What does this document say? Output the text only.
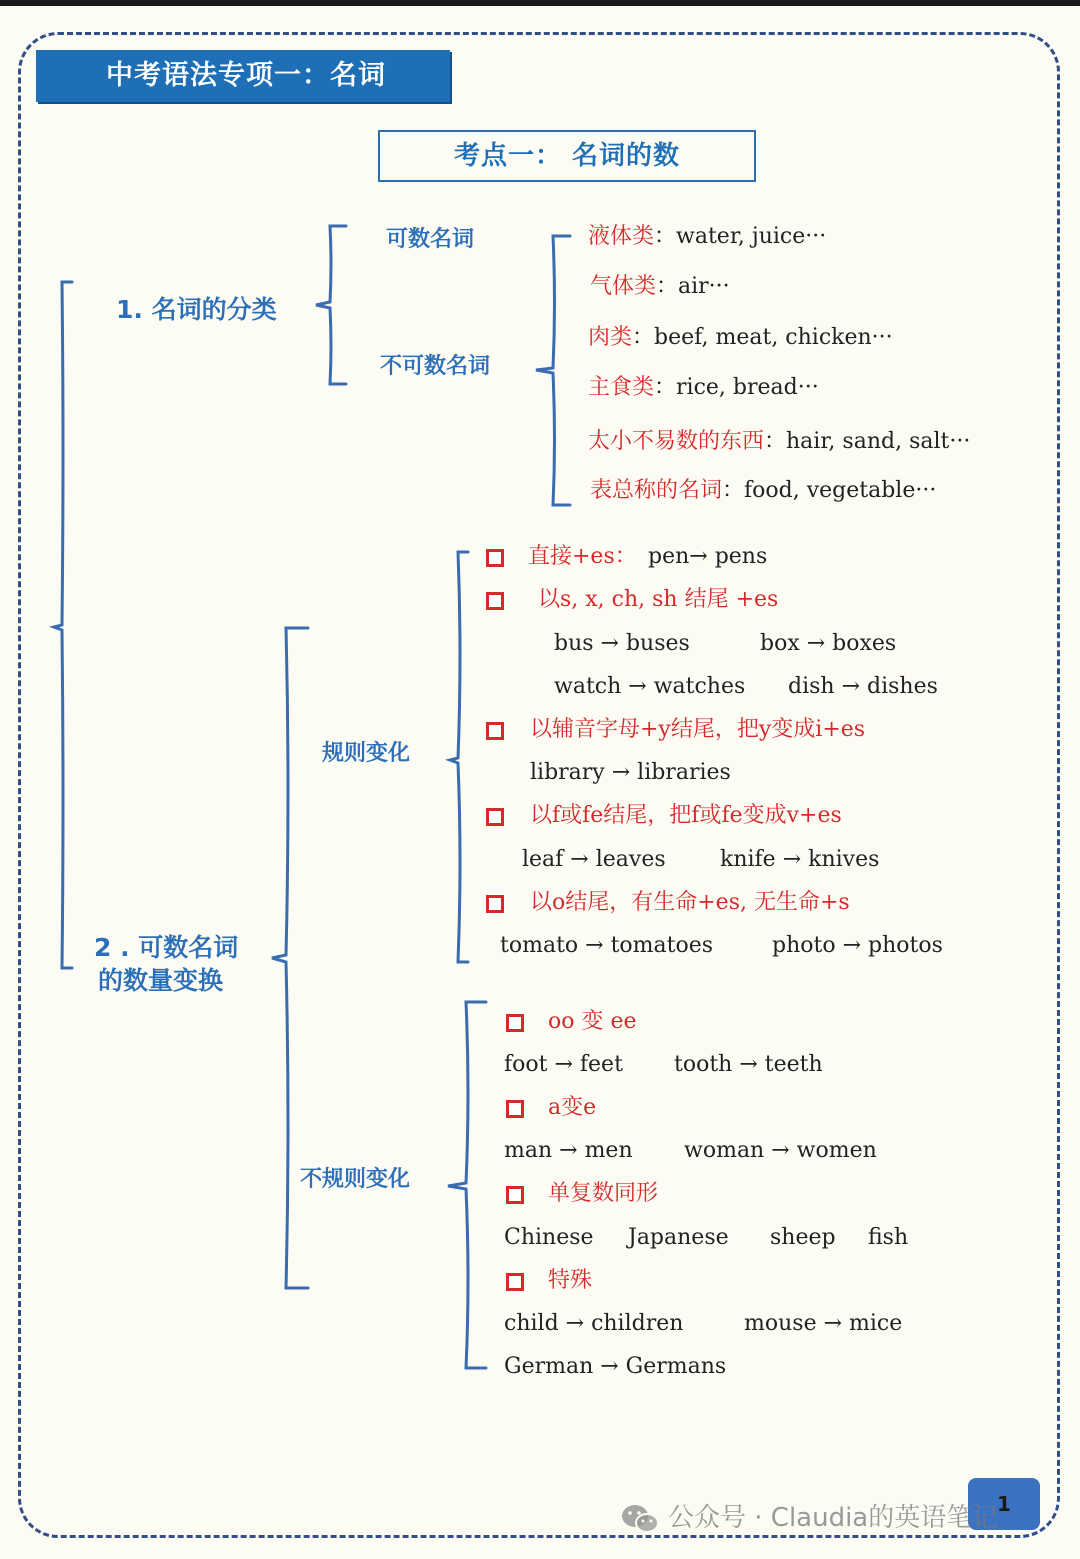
中考语法专项一：名词
考点一： 名词的数
1. 名词的分类
可数名词
不可数名词
液体类：water, juice···
气体类：air···
肉类：beef, meat, chicken···
主食类：rice, bread···
太小不易数的东西：hair, sand, salt···
表总称的名词：food, vegetable···
2 . 可数名词
的数量变换
规则变化
不规则变化
直接+es： pen→ pens
以s, x, ch, sh 结尾 +es
bus → buses	box → boxes
watch → watches dish → dishes
以辅音字母+y结尾，把y变成i+es
library → libraries
以f或fe结尾，把f或fe变成v+es
leaf → leaves knife → knives
以o结尾，有生命+es, 无生命+s
tomato → tomatoes	photo → photos
oo 变 ee
foot → feet tooth → teeth
a变e
man → men woman → women
单复数同形
Chinese Japanese sheep fish
特殊
child → children	mouse → mice
German → Germans
1
公众号 · Claudia的英语笔记
